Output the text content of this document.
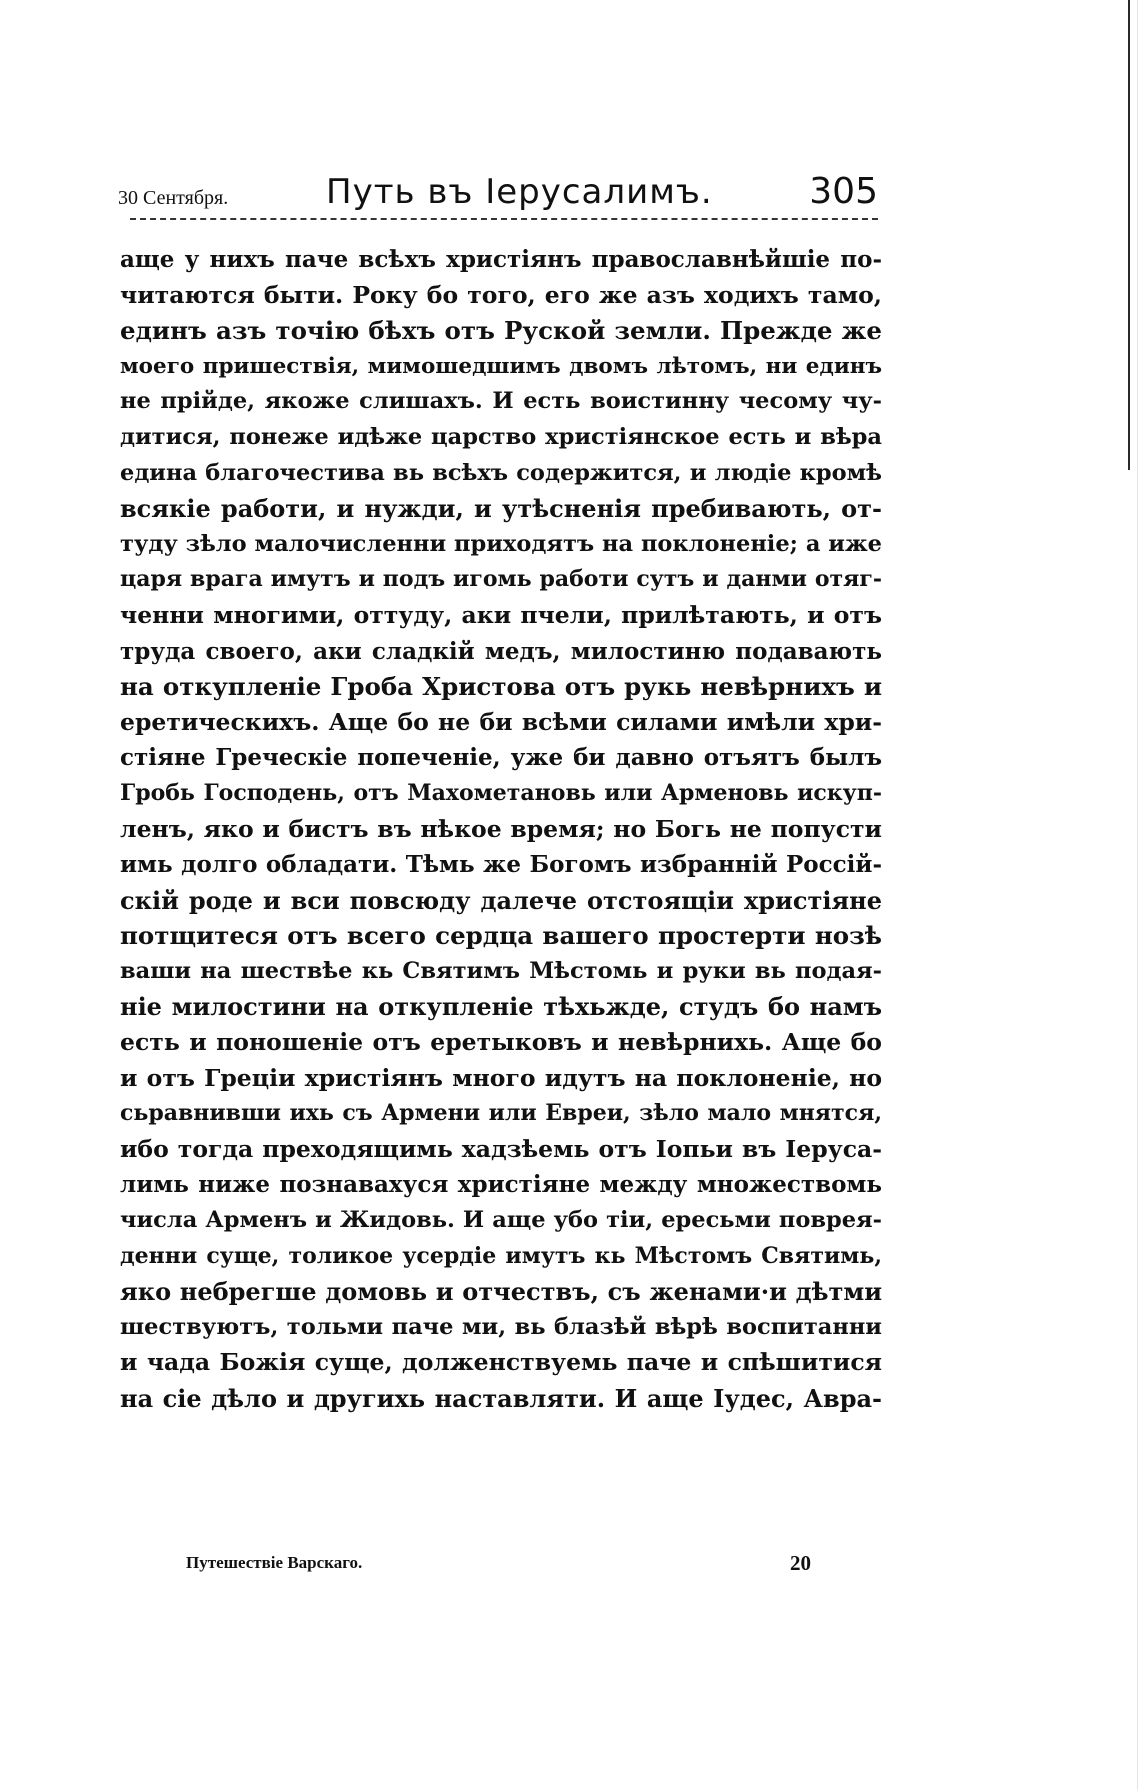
30 Сентября.	Путь въ Iерусалимъ.	305
аще у нихъ паче всѣхъ христiянъ православнѣйшiе по-
читаются быти. Року бо того, его же азъ ходихъ тамо,
единъ азъ точiю бѣхъ отъ Руской земли. Прежде же
моего пришествiя, мимошедшимъ двомъ лѣтомъ, ни единъ
не прiйде, якоже слишахъ. И есть воистинну чесому чу-
дитися, понеже идѣже царство христiянское есть и вѣра
едина благочестива вь всѣхъ содержится, и людiе кромѣ
всякiе работи, и нужди, и утѣсненiя пребивають, от-
туду зѣло малочисленни приходятъ на поклоненiе; а иже
царя врага имутъ и подъ игомь работи сутъ и данми отяг-
ченни многими, оттуду, аки пчели, прилѣтають, и отъ
труда своего, аки сладкiй медъ, милостиню подавають
на откупленiе Гроба Христова отъ рукь невѣрнихъ и
еретическихъ. Аще бо не би всѣми силами имѣли хри-
стiяне Греческiе попеченiе, уже би давно отъятъ былъ
Гробь Господень, отъ Махометановь или Арменовь искуп-
ленъ, яко и бистъ въ нѣкое время; но Богь не попусти
имь долго обладати. Тѣмь же Богомъ избраннiй Россiй-
скiй роде и вси повсюду далече отстоящiи христiяне
потщитеся отъ всего сердца вашего простерти нозѣ
ваши на шествѣе кь Святимъ Мѣстомь и руки вь подая-
нiе милостини на откупленiе тѣхьжде, студъ бо намъ
есть и поношенiе отъ еретыковъ и невѣрнихь. Аще бо
и отъ Греціи христiянъ много идутъ на поклоненiе, но
сьравнивши ихь съ Армени или Евреи, зѣло мало мнятся,
ибо тогда преходящимь хадзѣемь отъ Iопьи въ Iеруса-
лимь ниже познавахуся христiяне между множествомь
числа Арменъ и Жидовь. И аще убо тiи, ересьми поврея-
денни суще, толикое усердiе имутъ кь Мѣстомъ Святимь,
яко небрегше домовь и отчествъ, съ женами·и дѣтми
шествуютъ, тольми паче ми, вь блазѣй вѣрѣ воспитанни
и чада Божiя суще, долженствуемь паче и спѣшитися
на сiе дѣло и другихь наставляти. И аще Iудес, Авра-
Путешествiе Варскаго.	20
